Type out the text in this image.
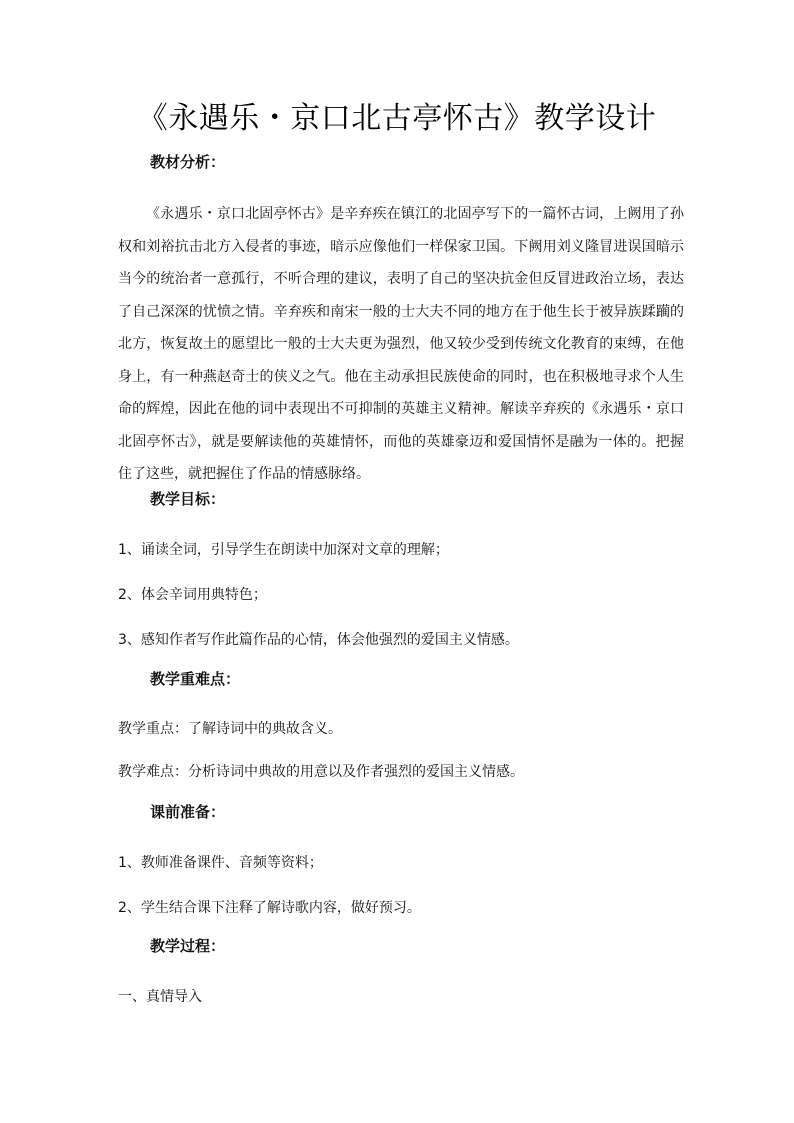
《永遇乐・京口北古亭怀古》教学设计
教材分析：
《永遇乐・京口北固亭怀古》是辛弃疾在镇江的北固亭写下的一篇怀古词，上阙用了孙权和刘裕抗击北方入侵者的事迹，暗示应像他们一样保家卫国。下阙用刘义隆冒进误国暗示当今的统治者一意孤行，不听合理的建议，表明了自己的坚决抗金但反冒进政治立场，表达了自己深深的忧愤之情。辛弃疾和南宋一般的士大夫不同的地方在于他生长于被异族蹂躏的北方，恢复故土的愿望比一般的士大夫更为强烈，他又较少受到传统文化教育的束缚，在他身上，有一种燕赵奇士的侠义之气。他在主动承担民族使命的同时，也在积极地寻求个人生命的辉煌，因此在他的词中表现出不可抑制的英雄主义精神。解读辛弃疾的《永遇乐・京口北固亭怀古》，就是要解读他的英雄情怀，而他的英雄豪迈和爱国情怀是融为一体的。把握住了这些，就把握住了作品的情感脉络。
教学目标：
1、诵读全词，引导学生在朗读中加深对文章的理解；
2、体会辛词用典特色；
3、感知作者写作此篇作品的心情，体会他强烈的爱国主义情感。
教学重难点：
教学重点：了解诗词中的典故含义。
教学难点：分析诗词中典故的用意以及作者强烈的爱国主义情感。
课前准备：
1、教师准备课件、音频等资料；
2、学生结合课下注释了解诗歌内容，做好预习。
教学过程：
一、真情导入
